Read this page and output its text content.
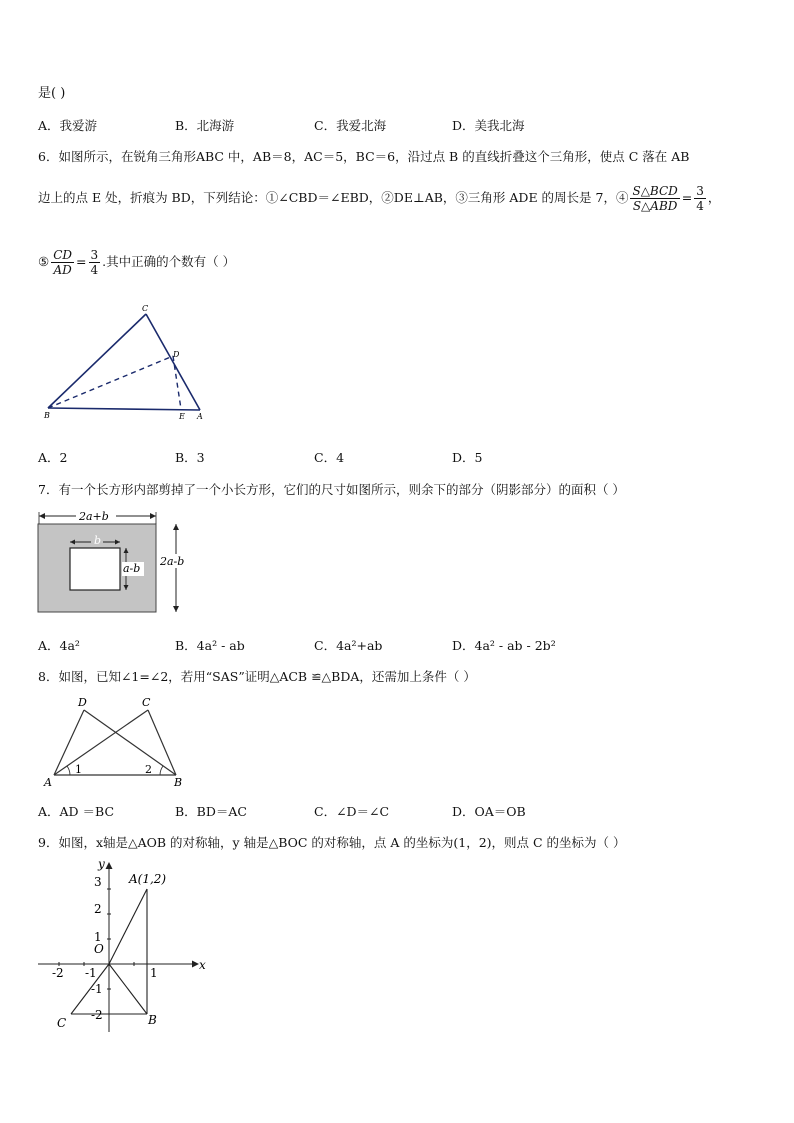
是( )
A．我爱游	B．北海游	C．我爱北海	D．美我北海
6．如图所示，在锐角三角形ABC 中，AB＝8，AC＝5，BC＝6，沿过点 B 的直线折叠这个三角形，使点 C 落在 AB
边上的点 E 处，折痕为 BD，下列结论：①∠CBD＝∠EBD，②DE⊥AB，③三角形 ADE 的周长是 7，④ $\frac{\text{S△BCD}}{\text{S△ABD}} = \frac{3}{4}$ ，
⑤ $\frac{CD}{AD} = \frac{3}{4}$ .其中正确的个数有（ ）
C
D
B	E A
A．2	B．3	C．4	D．5
7．有一个长方形内部剪掉了一个小长方形，它们的尺寸如图所示，则余下的部分（阴影部分）的面积（ ）
2a+b
2a-b
b
a-b
A．4a²	B．4a² - ab	C．4a²+ab	D．4a² - ab - 2b²
8．如图，已知∠1=∠2，若用“SAS”证明△ACB ≌△BDA，还需加上条件（ ）
D	C
A	B
1	2
A．AD ＝BC	B．BD＝AC	C．∠D＝∠C	D．OA＝OB
9．如图，x轴是△AOB 的对称轴，y 轴是△BOC 的对称轴，点 A 的坐标为(1，2)，则点 C 的坐标为（ ）
y
x
O
A(1,2)
B
C
3
2
1
-1
-2
-2 -1	1
